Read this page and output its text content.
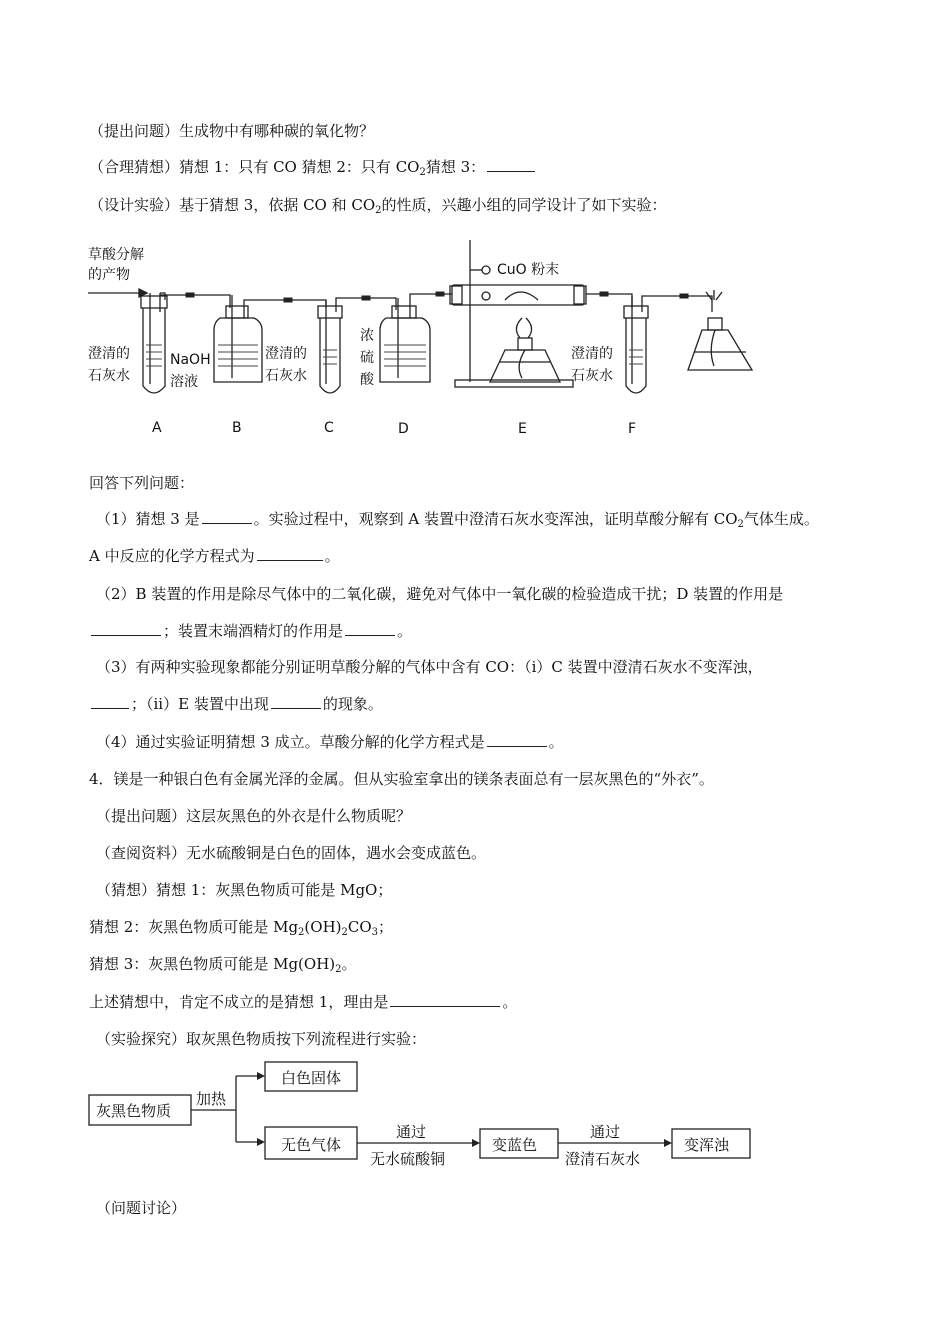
（提出问题）生成物中有哪种碳的氧化物？
（合理猜想）猜想 1：只有 CO 猜想 2：只有 $CO_2$猜想 3：
（设计实验）基于猜想 3，依据 CO 和 $CO_2$的性质，兴趣小组的同学设计了如下实验：
草酸分解
的产物	CuO 粉末
澄清的
石灰水
NaOH
溶液
澄清的
石灰水
浓
硫
酸
澄清的
石灰水
A	B	C	D	E	F
回答下列问题：
（1）猜想 3 是	。实验过程中，观察到 A 装置中澄清石灰水变浑浊，证明草酸分解有 $CO_2$气体生成。
A 中反应的化学方程式为	。
（2）B 装置的作用是除尽气体中的二氧化碳，避免对气体中一氧化碳的检验造成干扰；D 装置的作用是
；装置末端酒精灯的作用是	。
（3）有两种实验现象都能分别证明草酸分解的气体中含有 CO：（i）C 装置中澄清石灰水不变浑浊，
；（ii）E 装置中出现	的现象。
（4）通过实验证明猜想 3 成立。草酸分解的化学方程式是	。
4．镁是一种银白色有金属光泽的金属。但从实验室拿出的镁条表面总有一层灰黑色的“外衣”。
（提出问题）这层灰黑色的外衣是什么物质呢？
（查阅资料）无水硫酸铜是白色的固体，遇水会变成蓝色。
（猜想）猜想 1：灰黑色物质可能是 MgO；
猜想 2：灰黑色物质可能是 $Mg_2(OH)_2CO_3$；
猜想 3：灰黑色物质可能是 $Mg(OH)_2$。
上述猜想中，肯定不成立的是猜想 1，理由是	。
（实验探究）取灰黑色物质按下列流程进行实验：
灰黑色物质
加热
白色固体
无色气体
通过
无水硫酸铜
变蓝色
通过
澄清石灰水
变浑浊
（问题讨论）
